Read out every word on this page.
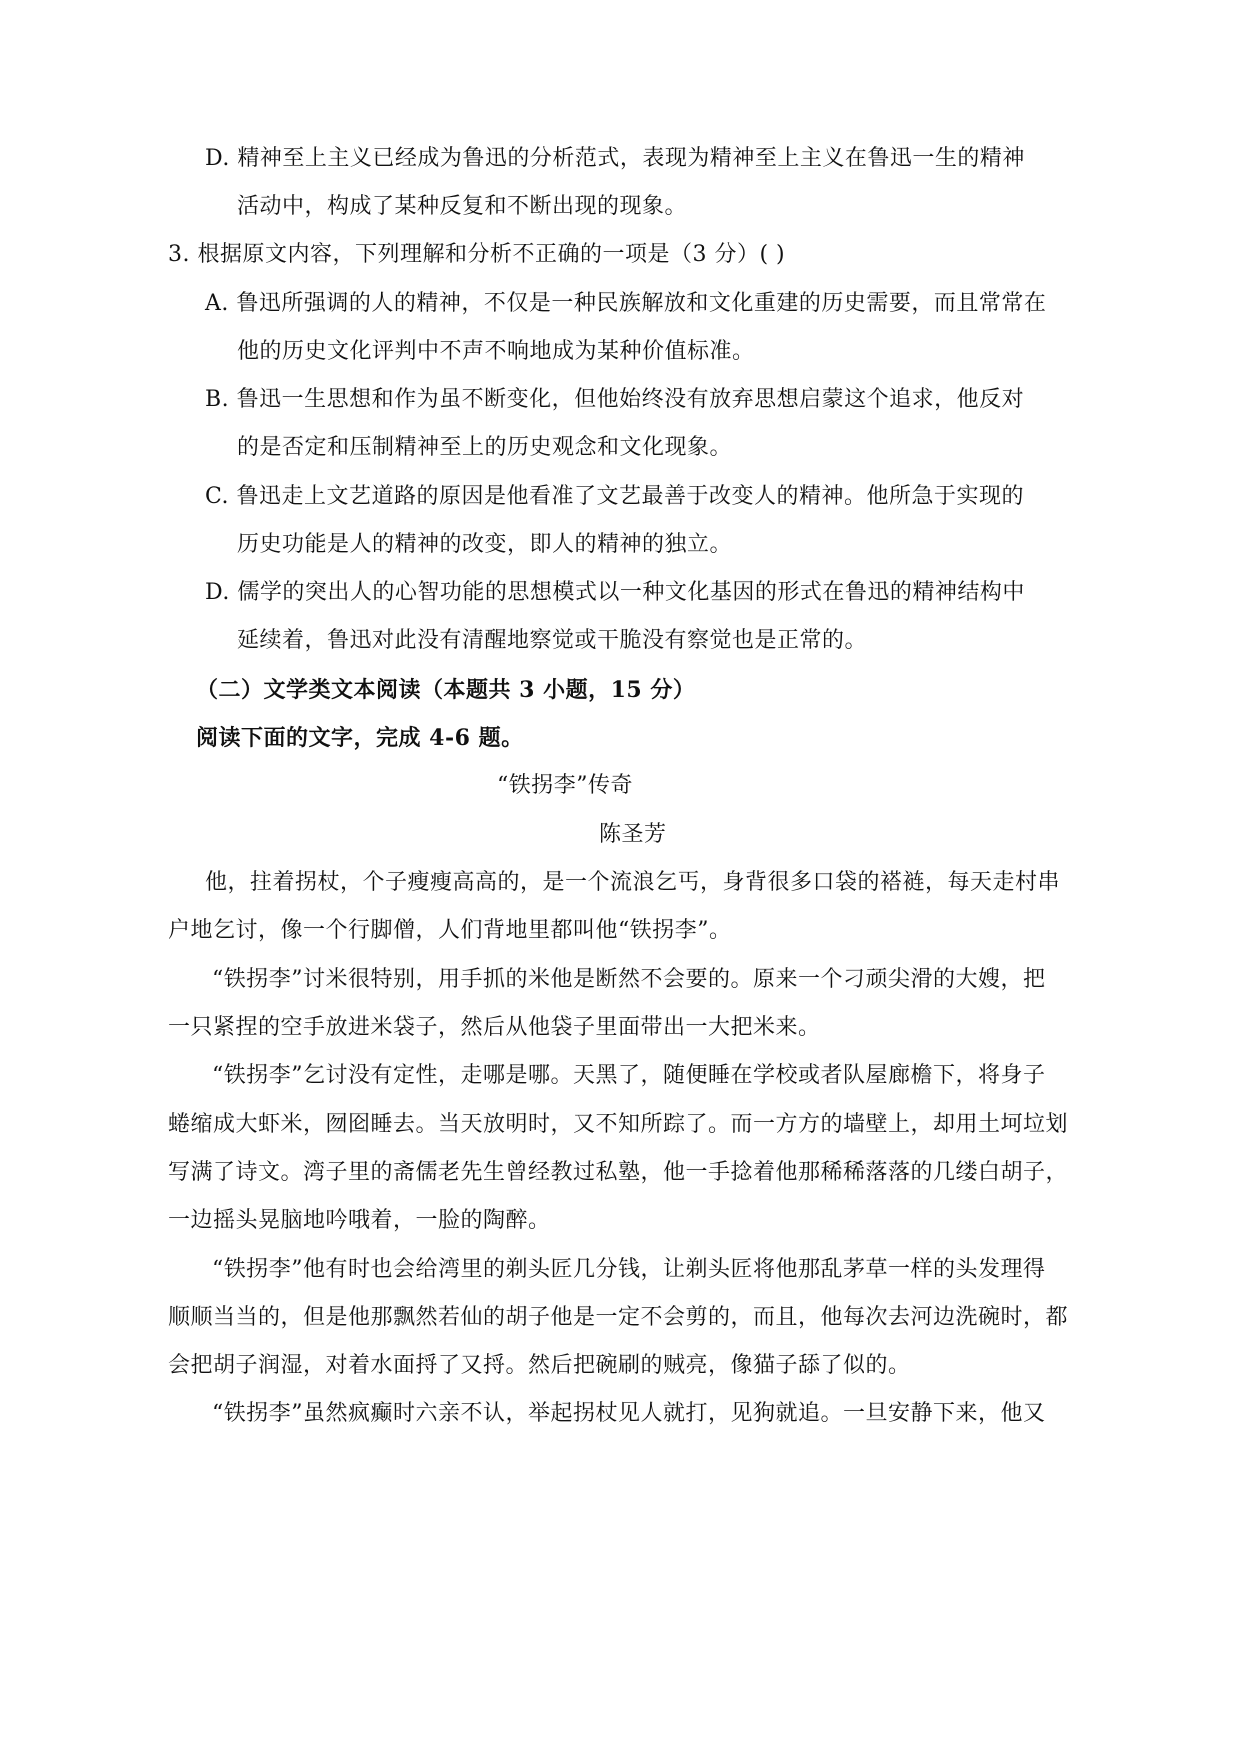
D. 精神至上主义已经成为鲁迅的分析范式，表现为精神至上主义在鲁迅一生的精神
活动中，构成了某种反复和不断出现的现象。
3. 根据原文内容，下列理解和分析不正确的一项是（3 分）( )
A. 鲁迅所强调的人的精神，不仅是一种民族解放和文化重建的历史需要，而且常常在
他的历史文化评判中不声不响地成为某种价值标准。
B. 鲁迅一生思想和作为虽不断变化，但他始终没有放弃思想启蒙这个追求，他反对
的是否定和压制精神至上的历史观念和文化现象。
C. 鲁迅走上文艺道路的原因是他看准了文艺最善于改变人的精神。他所急于实现的
历史功能是人的精神的改变，即人的精神的独立。
D. 儒学的突出人的心智功能的思想模式以一种文化基因的形式在鲁迅的精神结构中
延续着，鲁迅对此没有清醒地察觉或干脆没有察觉也是正常的。
（二）文学类文本阅读（本题共 3 小题，15 分）
阅读下面的文字，完成 4-6 题。
“铁拐李”传奇
陈圣芳
他，拄着拐杖，个子瘦瘦高高的，是一个流浪乞丐，身背很多口袋的褡裢，每天走村串
户地乞讨，像一个行脚僧，人们背地里都叫他“铁拐李”。
“铁拐李”讨米很特别，用手抓的米他是断然不会要的。原来一个刁顽尖滑的大嫂，把
一只紧捏的空手放进米袋子，然后从他袋子里面带出一大把米来。
“铁拐李”乞讨没有定性，走哪是哪。天黑了，随便睡在学校或者队屋廊檐下，将身子
蜷缩成大虾米，囫囵睡去。当天放明时，又不知所踪了。而一方方的墙壁上，却用土坷垃划
写满了诗文。湾子里的斋儒老先生曾经教过私塾，他一手捻着他那稀稀落落的几缕白胡子，
一边摇头晃脑地吟哦着，一脸的陶醉。
“铁拐李”他有时也会给湾里的剃头匠几分钱，让剃头匠将他那乱茅草一样的头发理得
顺顺当当的，但是他那飘然若仙的胡子他是一定不会剪的，而且，他每次去河边洗碗时，都
会把胡子润湿，对着水面捋了又捋。然后把碗刷的贼亮，像猫子舔了似的。
“铁拐李”虽然疯癫时六亲不认，举起拐杖见人就打，见狗就追。一旦安静下来，他又
